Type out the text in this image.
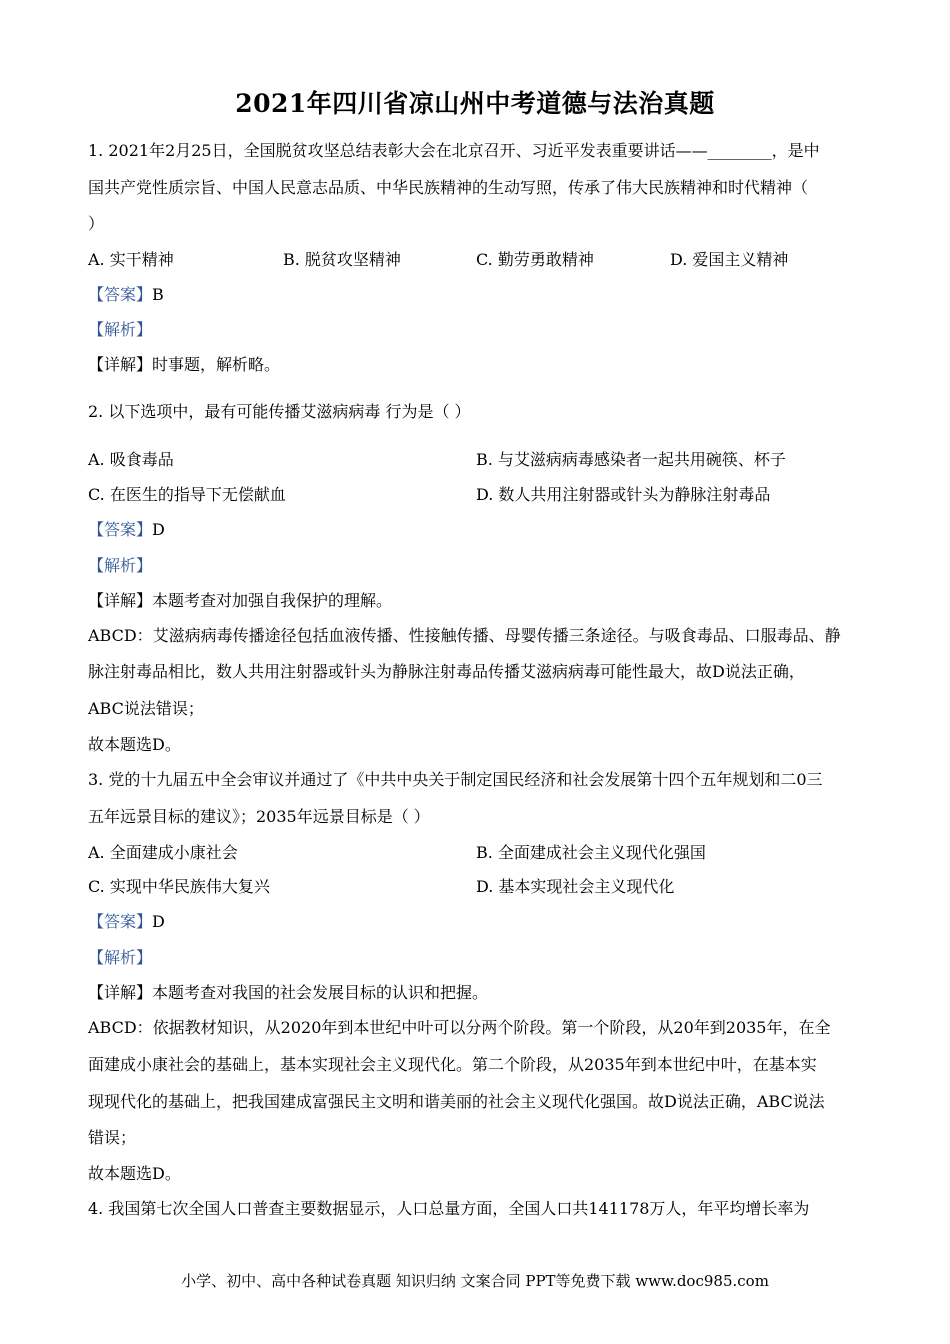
2021年四川省凉山州中考道德与法治真题
1. 2021年2月25日，全国脱贫攻坚总结表彰大会在北京召开、习近平发表重要讲话——________，是中
国共产党性质宗旨、中国人民意志品质、中华民族精神的生动写照，传承了伟大民族精神和时代精神（
）
A. 实干精神	B. 脱贫攻坚精神	C. 勤劳勇敢精神	D. 爱国主义精神
【答案】B
【解析】
【详解】时事题，解析略。
2. 以下选项中，最有可能传播艾滋病病毒 行为是（ ）
A. 吸食毒品	B. 与艾滋病病毒感染者一起共用碗筷、杯子
C. 在医生的指导下无偿献血	D. 数人共用注射器或针头为静脉注射毒品
【答案】D
【解析】
【详解】本题考查对加强自我保护的理解。
ABCD：艾滋病病毒传播途径包括血液传播、性接触传播、母婴传播三条途径。与吸食毒品、口服毒品、静
脉注射毒品相比，数人共用注射器或针头为静脉注射毒品传播艾滋病病毒可能性最大，故D说法正确，
ABC说法错误；
故本题选D。
3. 党的十九届五中全会审议并通过了《中共中央关于制定国民经济和社会发展第十四个五年规划和二0三
五年远景目标的建议》；2035年远景目标是（ ）
A. 全面建成小康社会	B. 全面建成社会主义现代化强国
C. 实现中华民族伟大复兴	D. 基本实现社会主义现代化
【答案】D
【解析】
【详解】本题考查对我国的社会发展目标的认识和把握。
ABCD：依据教材知识，从2020年到本世纪中叶可以分两个阶段。第一个阶段，从20年到2035年，在全
面建成小康社会的基础上，基本实现社会主义现代化。第二个阶段，从2035年到本世纪中叶，在基本实
现现代化的基础上，把我国建成富强民主文明和谐美丽的社会主义现代化强国。故D说法正确，ABC说法
错误；
故本题选D。
4. 我国第七次全国人口普查主要数据显示，人口总量方面，全国人口共141178万人，年平均增长率为
小学、初中、高中各种试卷真题 知识归纳 文案合同 PPT等免费下载 www.doc985.com
